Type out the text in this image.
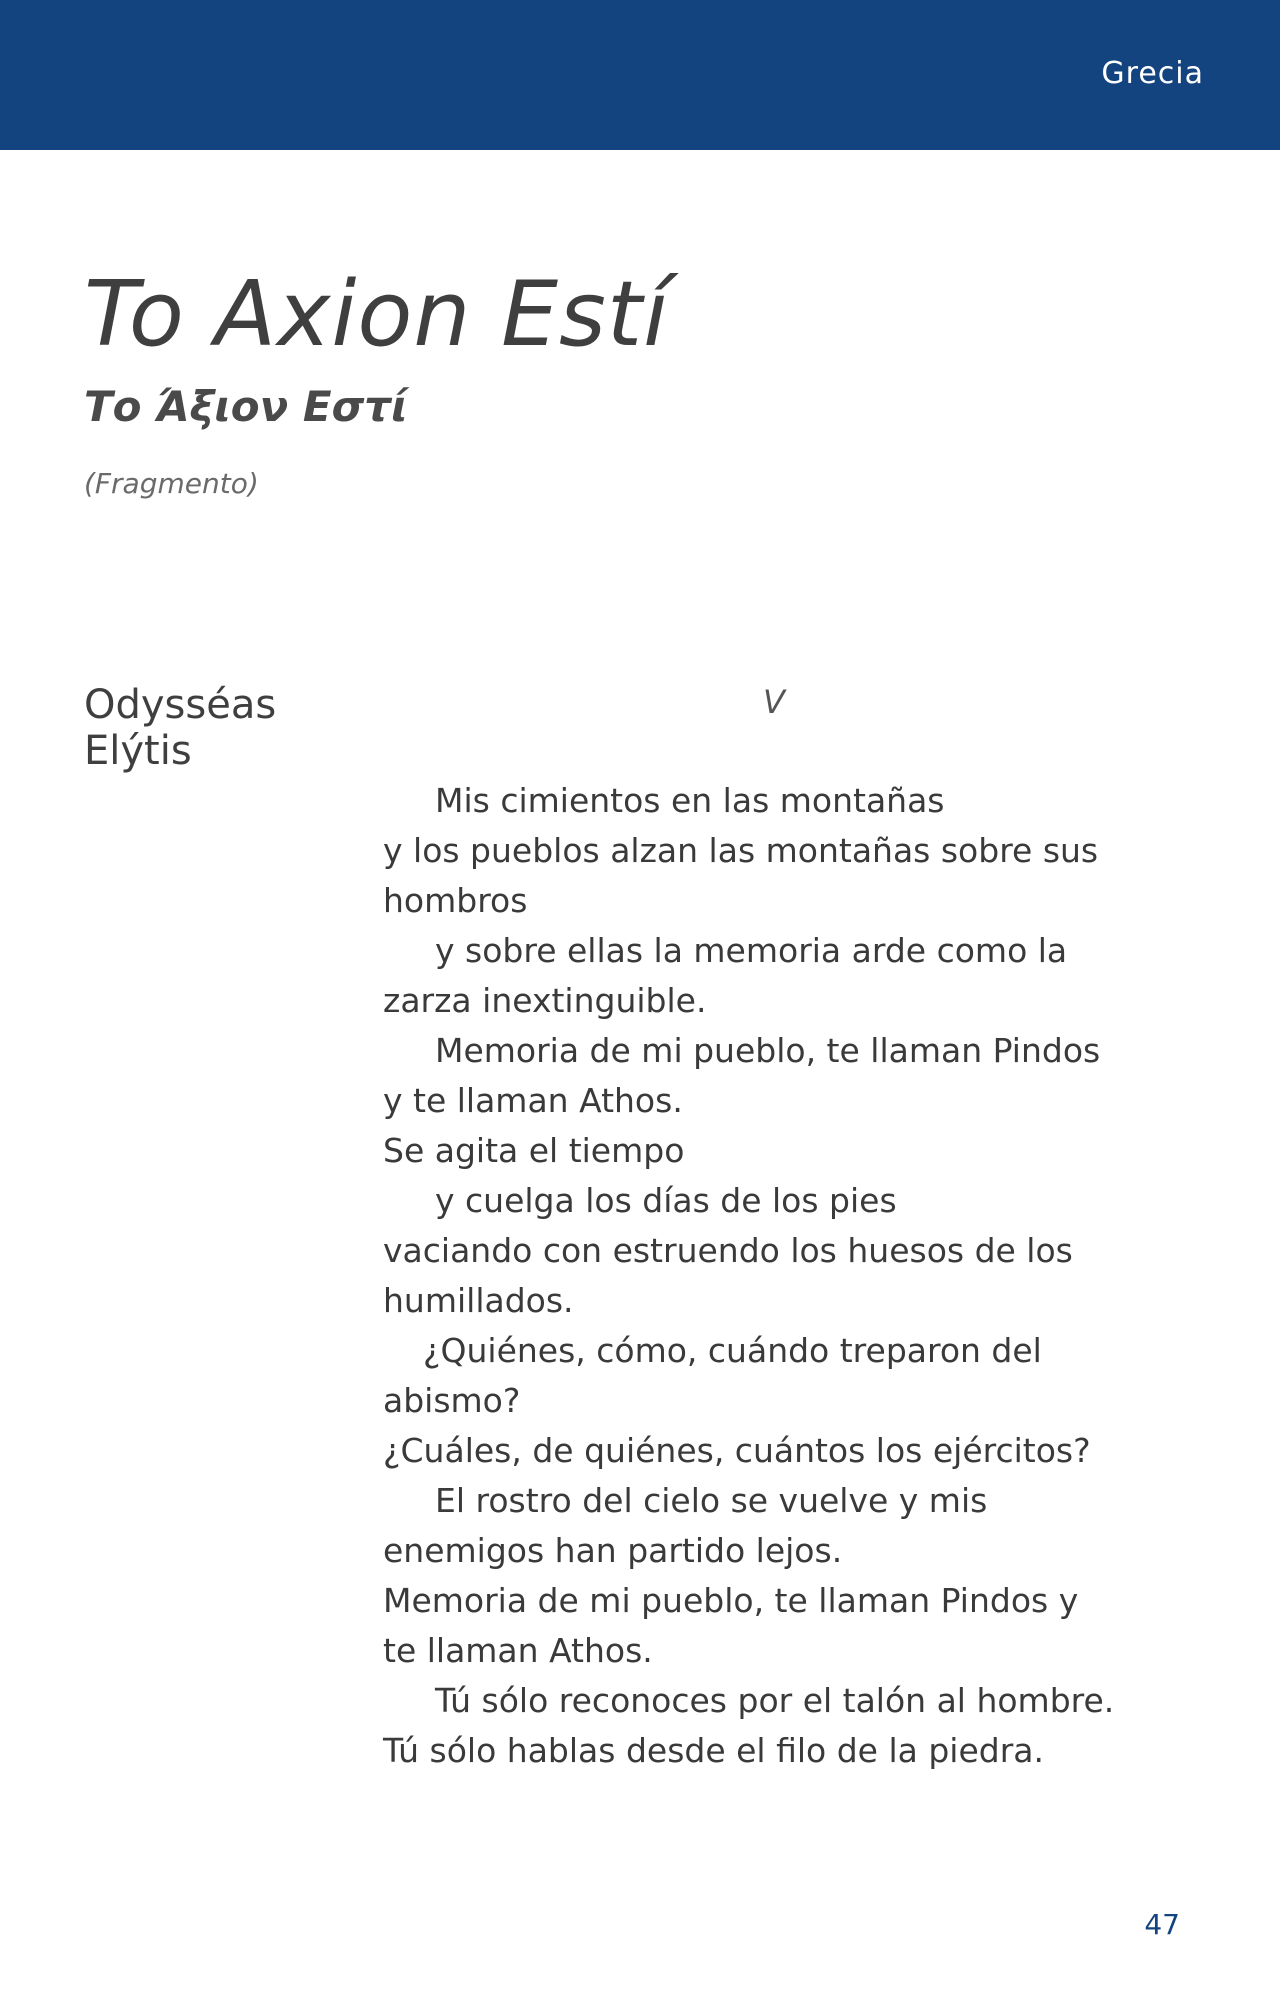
Grecia
To Axion Estí
Το Άξιον Εστί
(Fragmento)
Odysséas
Elýtis
V
Mis cimientos en las montañas
y los pueblos alzan las montañas sobre sus
hombros
y sobre ellas la memoria arde como la
zarza inextinguible.
Memoria de mi pueblo, te llaman Pindos
y te llaman Athos.
Se agita el tiempo
y cuelga los días de los pies
vaciando con estruendo los huesos de los
humillados.
¿Quiénes, cómo, cuándo treparon del
abismo?
¿Cuáles, de quiénes, cuántos los ejércitos?
El rostro del cielo se vuelve y mis
enemigos han partido lejos.
Memoria de mi pueblo, te llaman Pindos y
te llaman Athos.
Tú sólo reconoces por el talón al hombre.
Tú sólo hablas desde el filo de la piedra.
47
